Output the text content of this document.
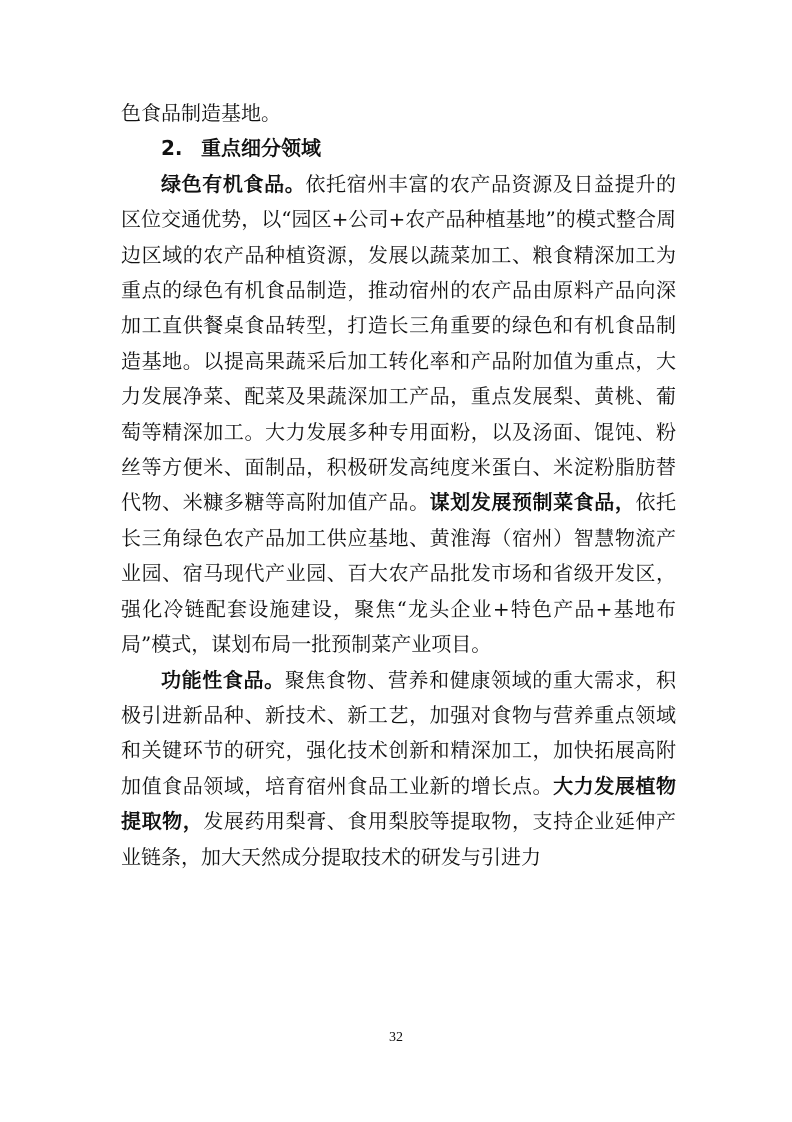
色食品制造基地。

2. 重点细分领域

绿色有机食品。依托宿州丰富的农产品资源及日益提升的区位交通优势，以“园区+公司+农产品种植基地”的模式整合周边区域的农产品种植资源，发展以蔬菜加工、粮食精深加工为重点的绿色有机食品制造，推动宿州的农产品由原料产品向深加工直供餐桌食品转型，打造长三角重要的绿色和有机食品制造基地。以提高果蔬采后加工转化率和产品附加值为重点，大力发展净菜、配菜及果蔬深加工产品，重点发展梨、黄桃、葡萄等精深加工。大力发展多种专用面粉，以及汤面、馄饨、粉丝等方便米、面制品，积极研发高纯度米蛋白、米淀粉脂肪替代物、米糠多糖等高附加值产品。谋划发展预制菜食品，依托长三角绿色农产品加工供应基地、黄淮海（宿州）智慧物流产业园、宿马现代产业园、百大农产品批发市场和省级开发区，强化冷链配套设施建设，聚焦“龙头企业+特色产品+基地布局”模式，谋划布局一批预制菜产业项目。

功能性食品。聚焦食物、营养和健康领域的重大需求，积极引进新品种、新技术、新工艺，加强对食物与营养重点领域和关键环节的研究，强化技术创新和精深加工，加快拓展高附加值食品领域，培育宿州食品工业新的增长点。大力发展植物提取物，发展药用梨膏、食用梨胶等提取物，支持企业延伸产业链条，加大天然成分提取技术的研发与引进力

32
